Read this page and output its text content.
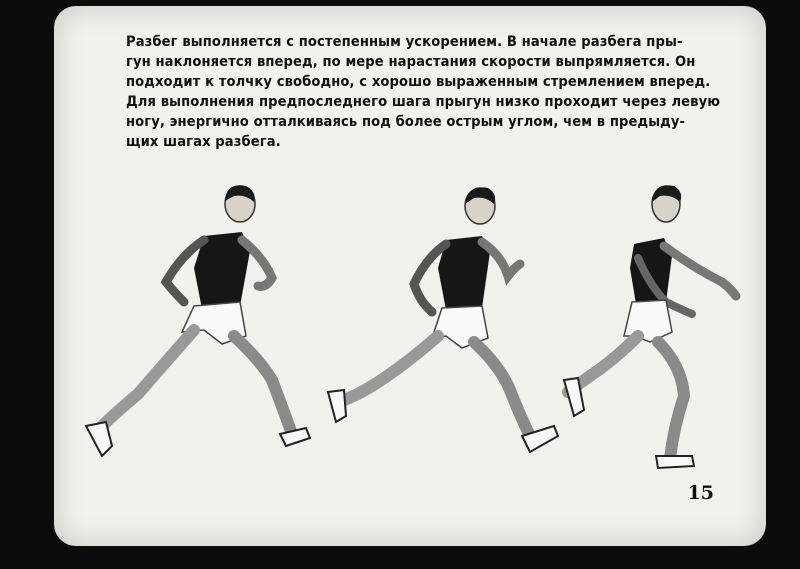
Разбег выполняется с постепенным ускорением. В начале разбега пры-
гун наклоняется вперед, по мере нарастания скорости выпрямляется. Он
подходит к толчку свободно, с хорошо выраженным стремлением вперед.
Для выполнения предпоследнего шага прыгун низко проходит через левую
ногу, энергично отталкиваясь под более острым углом, чем в предыду-
щих шагах разбега.
15
